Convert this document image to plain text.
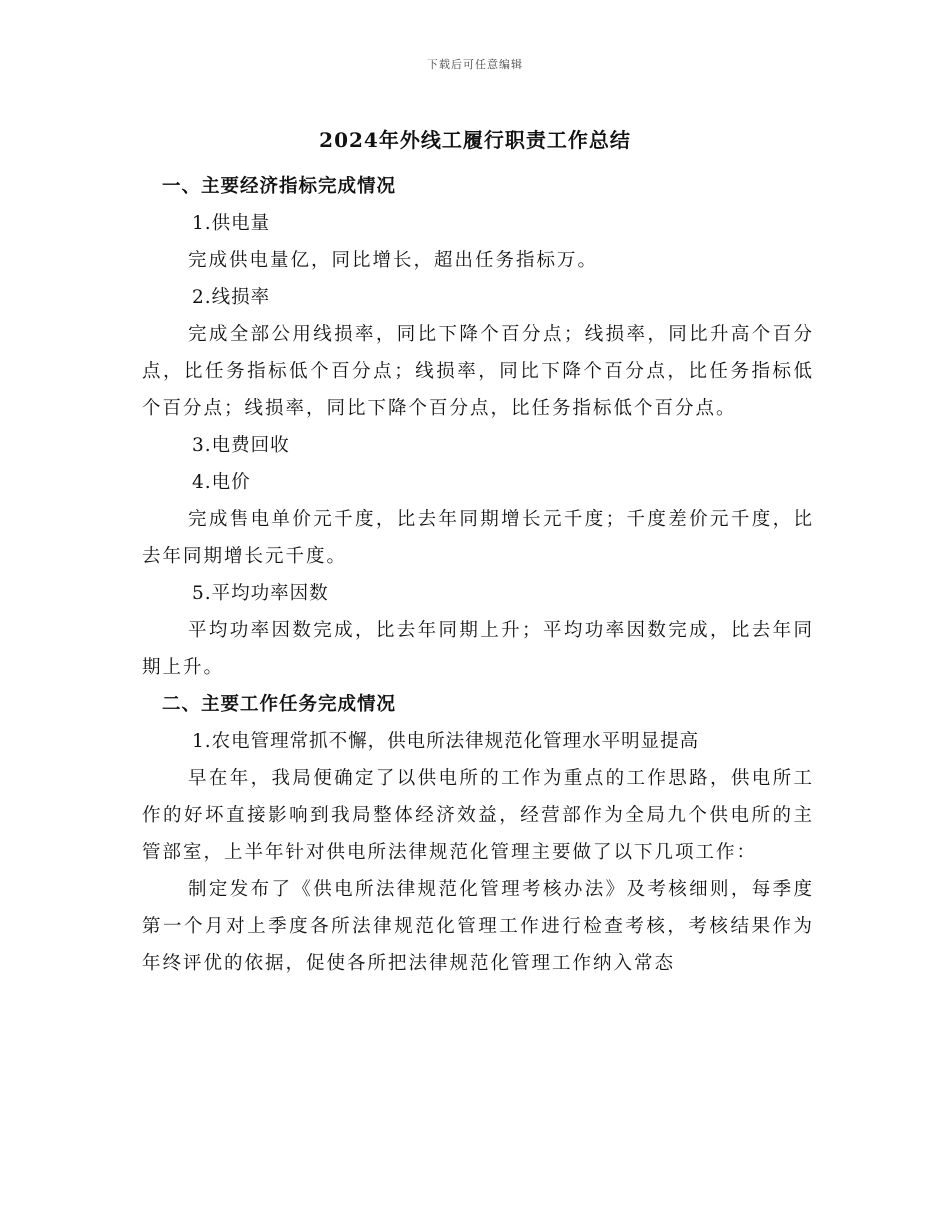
下载后可任意编辑
2024年外线工履行职责工作总结

一、主要经济指标完成情况

1.供电量

完成供电量亿，同比增长，超出任务指标万。

2.线损率

完成全部公用线损率，同比下降个百分点；线损率，同比升高个百分点，比任务指标低个百分点；线损率，同比下降个百分点，比任务指标低个百分点；线损率，同比下降个百分点，比任务指标低个百分点。

3.电费回收

4.电价

完成售电单价元千度，比去年同期增长元千度；千度差价元千度，比去年同期增长元千度。

5.平均功率因数

平均功率因数完成，比去年同期上升；平均功率因数完成，比去年同期上升。

二、主要工作任务完成情况

1.农电管理常抓不懈，供电所法律规范化管理水平明显提高

早在年，我局便确定了以供电所的工作为重点的工作思路，供电所工作的好坏直接影响到我局整体经济效益，经营部作为全局九个供电所的主管部室，上半年针对供电所法律规范化管理主要做了以下几项工作：

制定发布了《供电所法律规范化管理考核办法》及考核细则，每季度第一个月对上季度各所法律规范化管理工作进行检查考核，考核结果作为年终评优的依据，促使各所把法律规范化管理工作纳入常态
